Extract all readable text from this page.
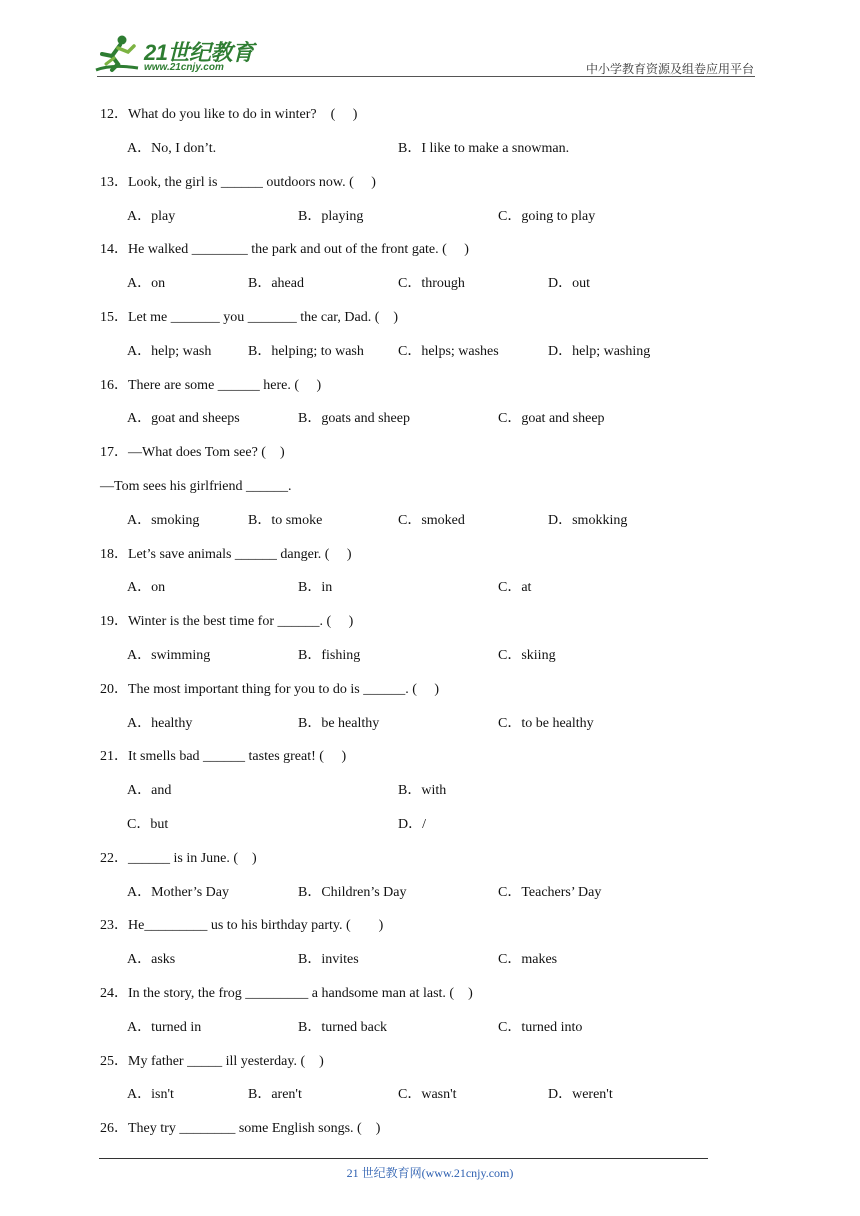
21世纪教育
www.21cnjy.com	中小学教育资源及组卷应用平台
12．What do you like to do in winter?　(　 )
A．No, I don’t.	B．I like to make a snowman.
13．Look, the girl is ______ outdoors now. (　 )
A．play	B．playing	C．going to play
14．He walked ________ the park and out of the front gate. (　 )
A．on	B．ahead	C．through	D．out
15．Let me _______ you _______ the car, Dad. (　)
A．help; wash	B．helping; to wash C．helps; washes	D．help; washing
16．There are some ______ here. (　 )
A．goat and sheeps	B．goats and sheep	C．goat and sheep
17．—What does Tom see? (　)
—Tom sees his girlfriend ______.
A．smoking	B．to smoke	C．smoked	D．smokking
18．Let’s save animals ______ danger. (　 )
A．on	B．in	C．at
19．Winter is the best time for ______. (　 )
A．swimming	B．fishing	C．skiing
20．The most important thing for you to do is ______. (　 )
A．healthy	B．be healthy	C．to be healthy
21．It smells bad ______ tastes great! (　 )
A．and	B．with
C．but	D．/
22．______ is in June. (　)
A．Mother’s Day	B．Children’s Day	C．Teachers’ Day
23．He_________ us to his birthday party. (　　)
A．asks	B．invites	C．makes
24．In the story, the frog _________ a handsome man at last. (　)
A．turned in	B．turned back	C．turned into
25．My father _____ ill yesterday. (　)
A．isn't	B．aren't	C．wasn't	D．weren't
26．They try ________ some English songs. (　)
21 世纪教育网(www.21cnjy.com)
